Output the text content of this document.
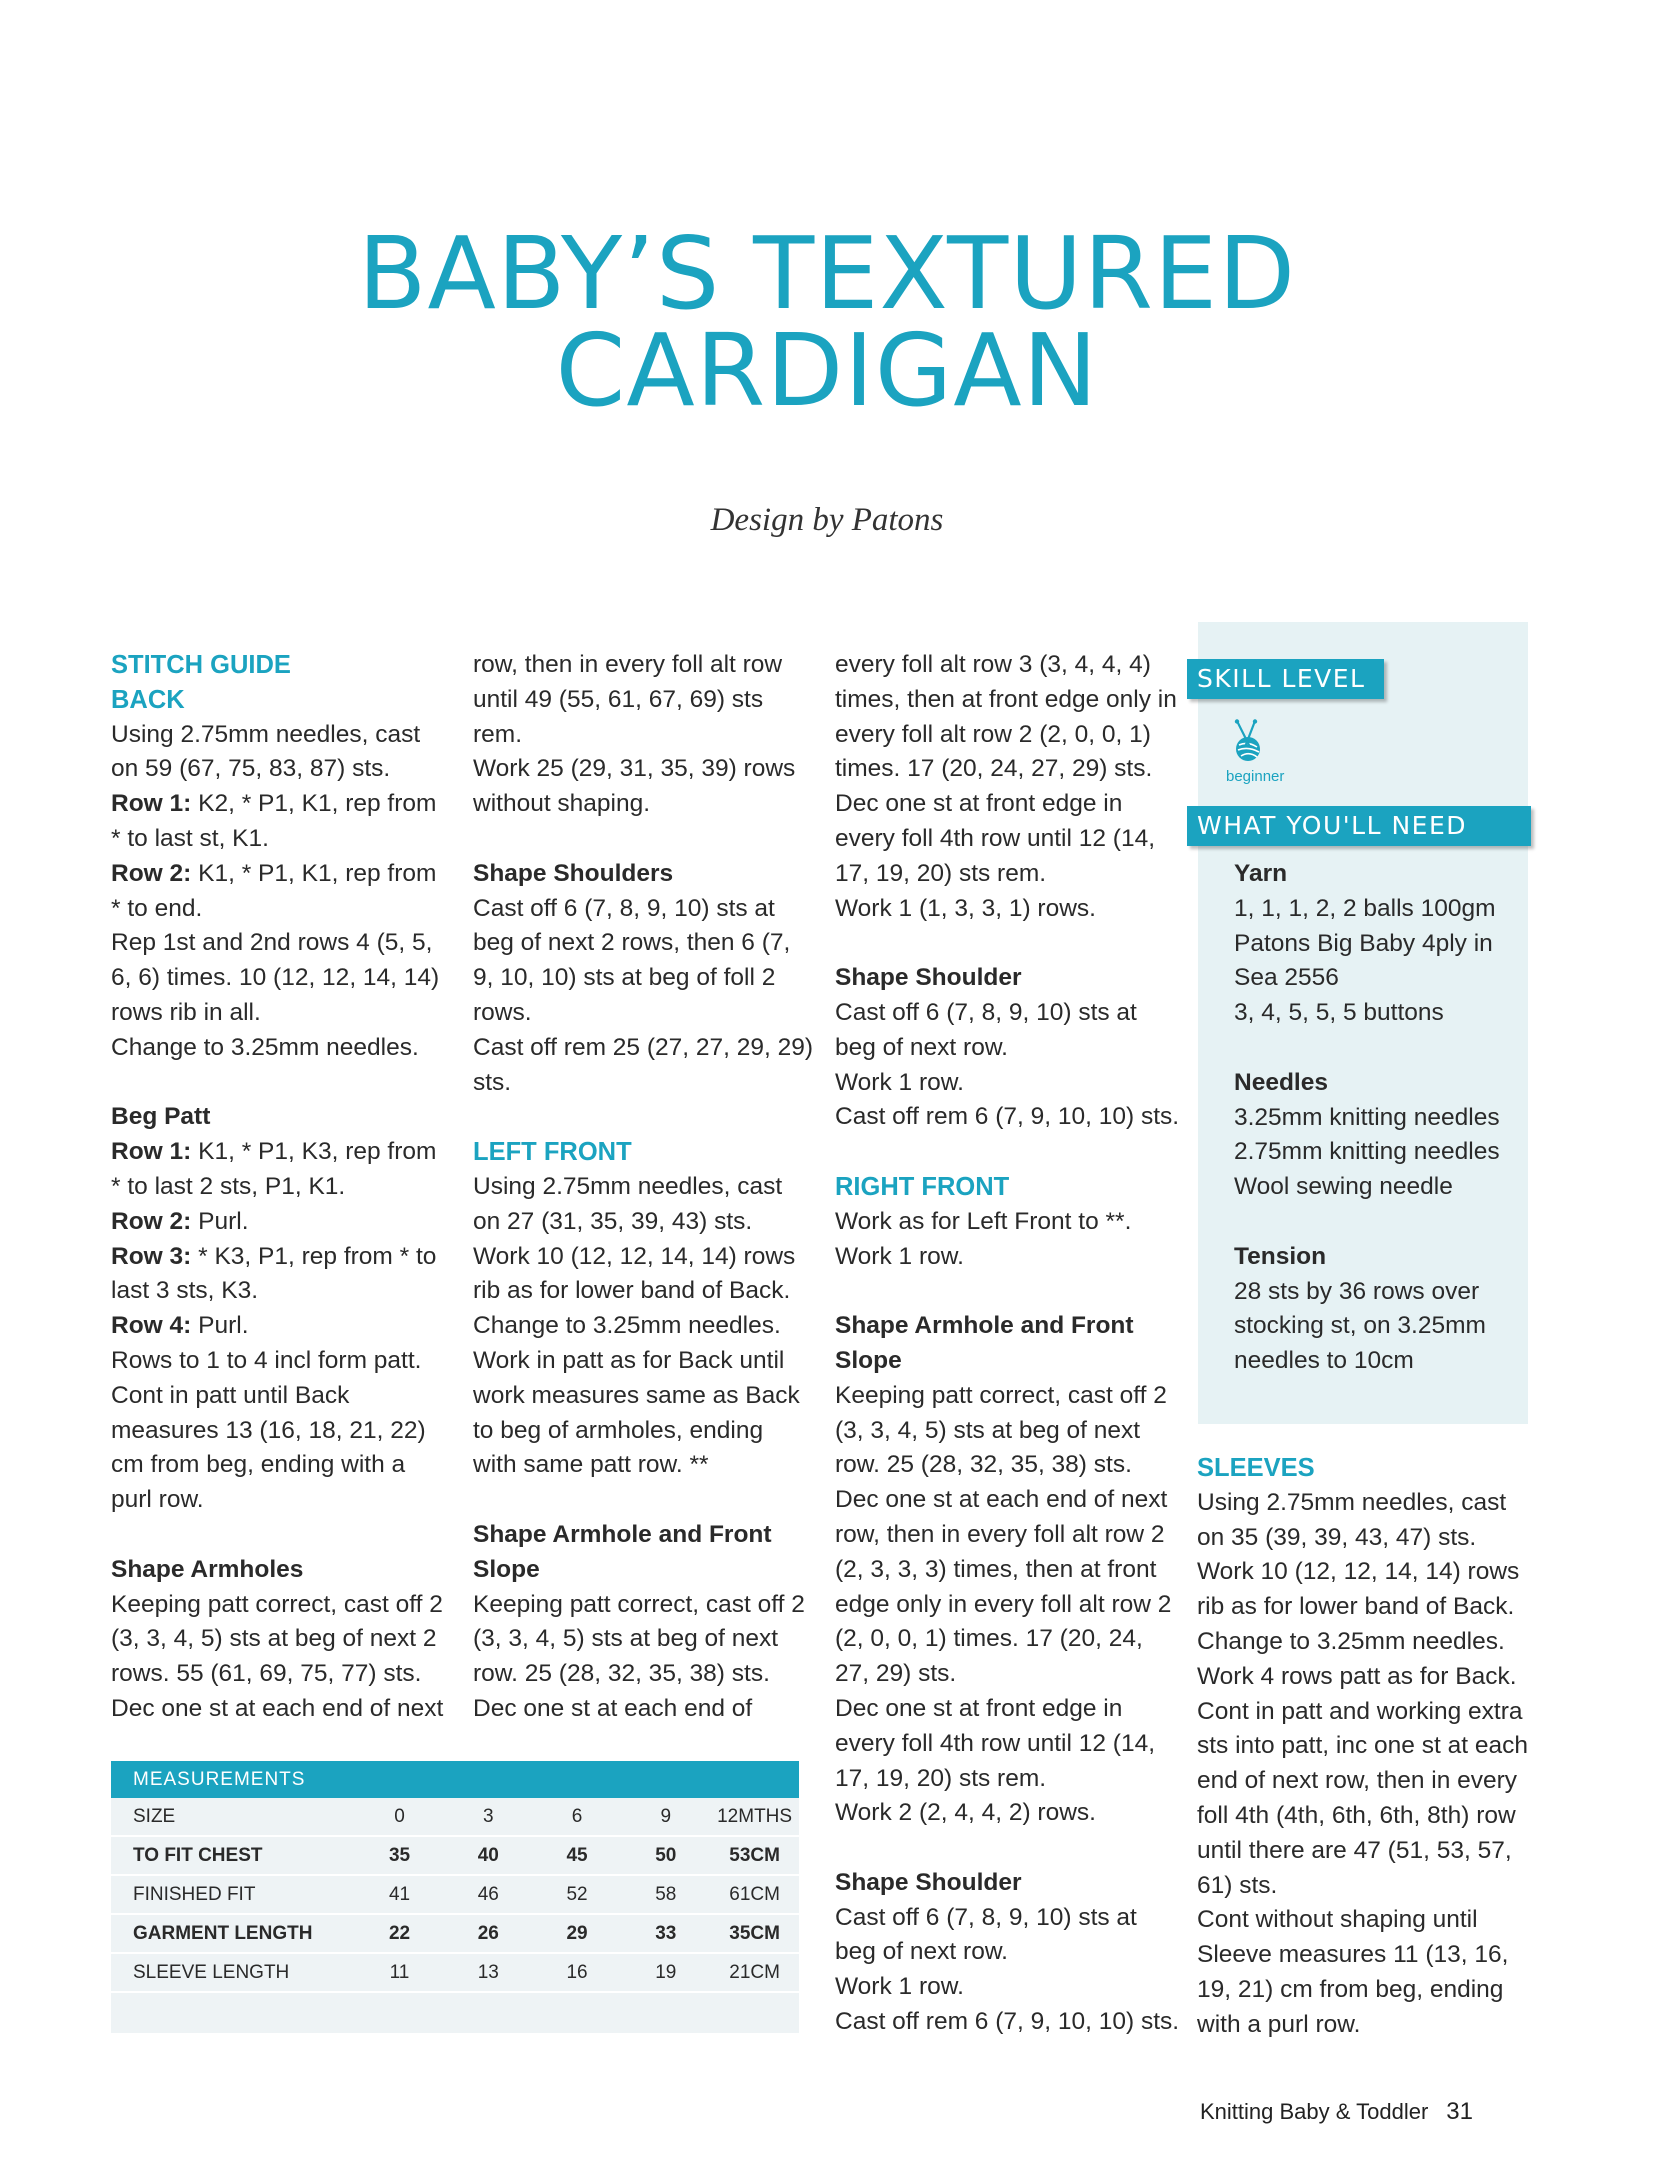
BABY’S TEXTURED
CARDIGAN
Design by Patons

STITCH GUIDE

BACK

Using 2.75mm needles, cast on 59 (67, 75, 83, 87) sts.

Row 1: K2, * P1, K1, rep from * to last st, K1.

Row 2: K1, * P1, K1, rep from * to end.

Rep 1st and 2nd rows 4 (5, 5, 6, 6) times. 10 (12, 12, 14, 14) rows rib in all.

Change to 3.25mm needles.

Beg Patt

Row 1: K1, * P1, K3, rep from * to last 2 sts, P1, K1.

Row 2: Purl.

Row 3: * K3, P1, rep from * to last 3 sts, K3.

Row 4: Purl.

Rows to 1 to 4 incl form patt.

Cont in patt until Back measures 13 (16, 18, 21, 22) cm from beg, ending with a purl row.

Shape Armholes

Keeping patt correct, cast off 2 (3, 3, 4, 5) sts at beg of next 2 rows. 55 (61, 69, 75, 77) sts.

Dec one st at each end of next

row, then in every foll alt row until 49 (55, 61, 67, 69) sts rem.

Work 25 (29, 31, 35, 39) rows without shaping.

Shape Shoulders

Cast off 6 (7, 8, 9, 10) sts at beg of next 2 rows, then 6 (7, 9, 10, 10) sts at beg of foll 2 rows.

Cast off rem 25 (27, 27, 29, 29) sts.

LEFT FRONT

Using 2.75mm needles, cast on 27 (31, 35, 39, 43) sts.

Work 10 (12, 12, 14, 14) rows rib as for lower band of Back.

Change to 3.25mm needles.

Work in patt as for Back until work measures same as Back to beg of armholes, ending with same patt row. **

Shape Armhole and Front Slope

Keeping patt correct, cast off 2 (3, 3, 4, 5) sts at beg of next row. 25 (28, 32, 35, 38) sts.

Dec one st at each end of

every foll alt row 3 (3, 4, 4, 4) times, then at front edge only in every foll alt row 2 (2, 0, 0, 1) times. 17 (20, 24, 27, 29) sts.

Dec one st at front edge in every foll 4th row until 12 (14, 17, 19, 20) sts rem.

Work 1 (1, 3, 3, 1) rows.

Shape Shoulder

Cast off 6 (7, 8, 9, 10) sts at beg of next row.

Work 1 row.

Cast off rem 6 (7, 9, 10, 10) sts.

RIGHT FRONT

Work as for Left Front to **.

Work 1 row.

Shape Armhole and Front Slope

Keeping patt correct, cast off 2 (3, 3, 4, 5) sts at beg of next row. 25 (28, 32, 35, 38) sts.

Dec one st at each end of next row, then in every foll alt row 2 (2, 3, 3, 3) times, then at front edge only in every foll alt row 2 (2, 0, 0, 1) times. 17 (20, 24, 27, 29) sts.

Dec one st at front edge in every foll 4th row until 12 (14, 17, 19, 20) sts rem.

Work 2 (2, 4, 4, 2) rows.

Shape Shoulder

Cast off 6 (7, 8, 9, 10) sts at beg of next row.

Work 1 row.

Cast off rem 6 (7, 9, 10, 10) sts.

SKILL LEVEL
beginner
WHAT YOU'LL NEED

Yarn

1, 1, 1, 2, 2 balls 100gm Patons Big Baby 4ply in Sea 2556

3, 4, 5, 5, 5 buttons

Needles

3.25mm knitting needles

2.75mm knitting needles

Wool sewing needle

Tension

28 sts by 36 rows over stocking st, on 3.25mm needles to 10cm

SLEEVES

Using 2.75mm needles, cast on 35 (39, 39, 43, 47) sts.

Work 10 (12, 12, 14, 14) rows rib as for lower band of Back.

Change to 3.25mm needles.

Work 4 rows patt as for Back.

Cont in patt and working extra sts into patt, inc one st at each end of next row, then in every foll 4th (4th, 6th, 6th, 8th) row until there are 47 (51, 53, 57, 61) sts.

Cont without shaping until Sleeve measures 11 (13, 16, 19, 21) cm from beg, ending with a purl row.

MEASUREMENTS
SIZE	0	3	6	9	12MTHS
TO FIT CHEST	35	40	45	50	53CM
FINISHED FIT	41	46	52	58	61CM
GARMENT LENGTH	22	26	29	33	35CM
SLEEVE LENGTH	11	13	16	19	21CM

Knitting Baby & Toddler 31
